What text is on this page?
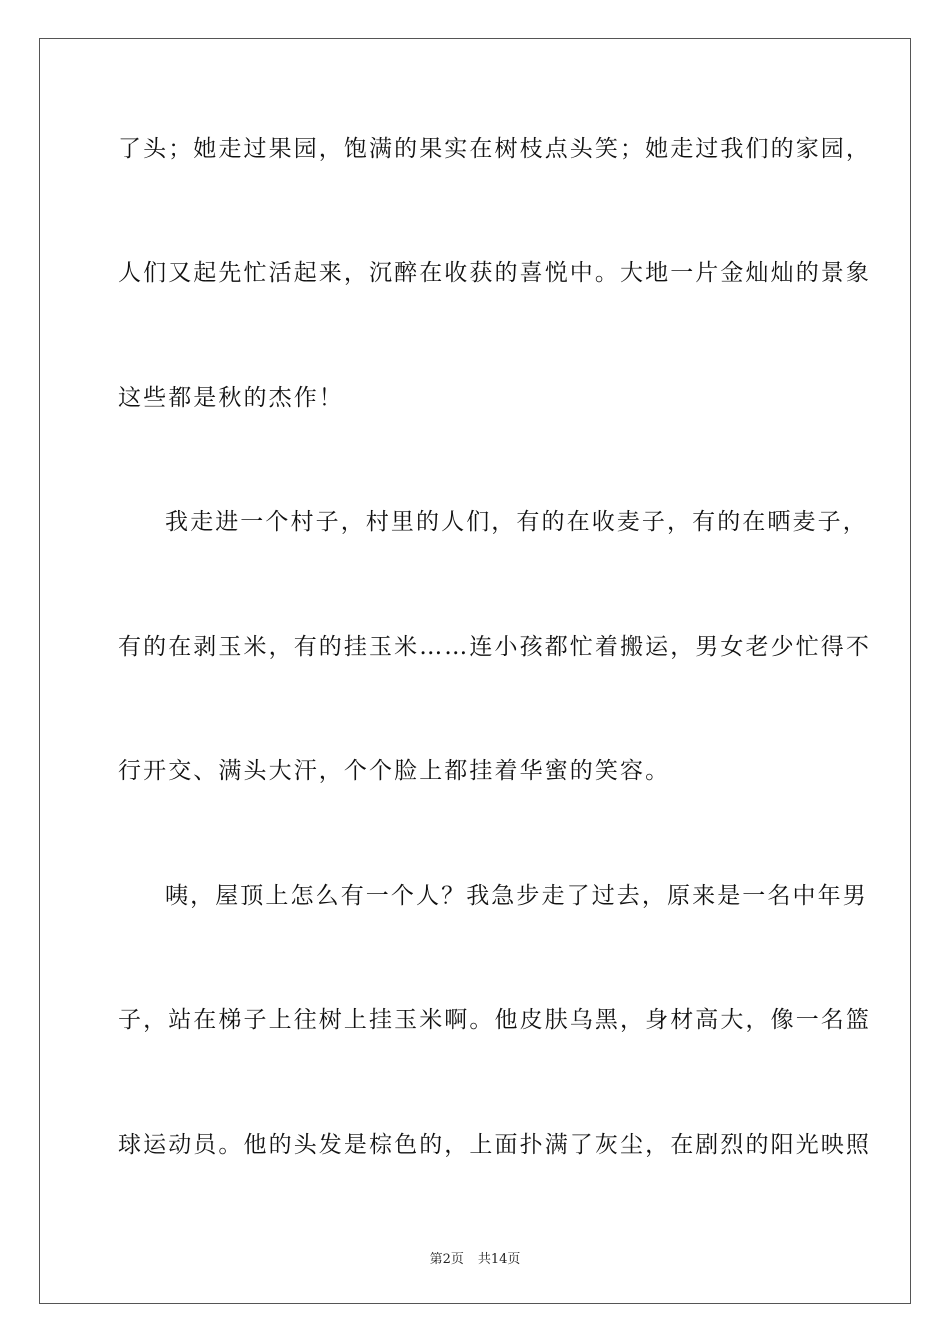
了头；她走过果园，饱满的果实在树枝点头笑；她走过我们的家园，
人们又起先忙活起来，沉醉在收获的喜悦中。大地一片金灿灿的景象
这些都是秋的杰作！
我走进一个村子，村里的人们，有的在收麦子，有的在晒麦子，
有的在剥玉米，有的挂玉米……连小孩都忙着搬运，男女老少忙得不
行开交、满头大汗，个个脸上都挂着华蜜的笑容。
咦，屋顶上怎么有一个人？我急步走了过去，原来是一名中年男
子，站在梯子上往树上挂玉米啊。他皮肤乌黑，身材高大，像一名篮
球运动员。他的头发是棕色的，上面扑满了灰尘，在剧烈的阳光映照
第2页 共14页
